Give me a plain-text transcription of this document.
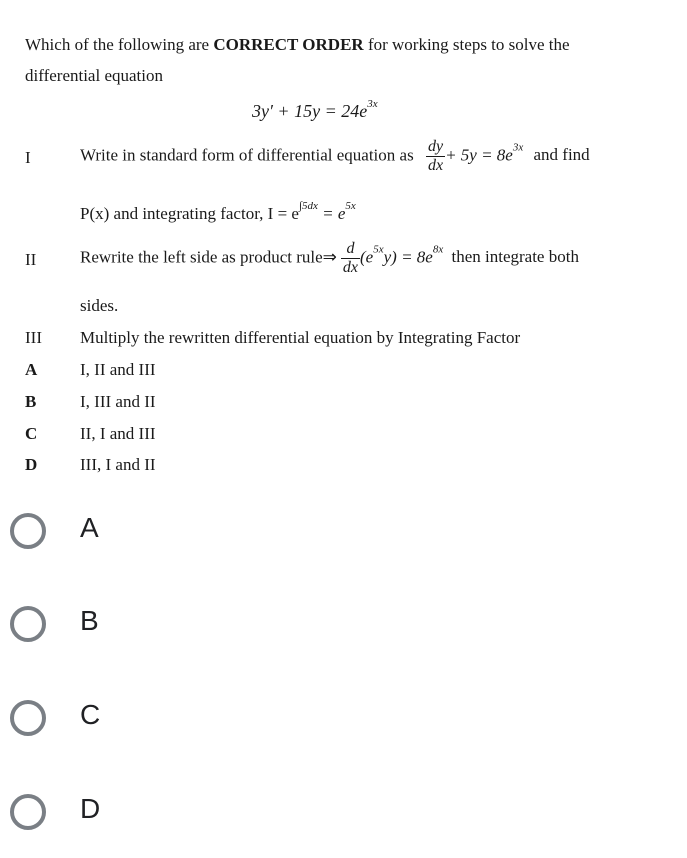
Which of the following are CORRECT ORDER for working steps to solve the
differential equation
$3y' + 15y = 24e^{3x}$
I	Write in standard form of differential equation as $\frac{dy}{dx} + 5y = 8e^{3x}$ and find
P(x) and integrating factor, $I = e^{\int 5dx} = e^{5x}$
II	Rewrite the left side as product rule⇒ $\frac{d}{dx} (e^{5x}y) = 8e^{8x}$ then integrate both
sides.
III	Multiply the rewritten differential equation by Integrating Factor
A	I, II and III
B	I, III and II
C	II, I and III
D	III, I and II
A
B
C
D
